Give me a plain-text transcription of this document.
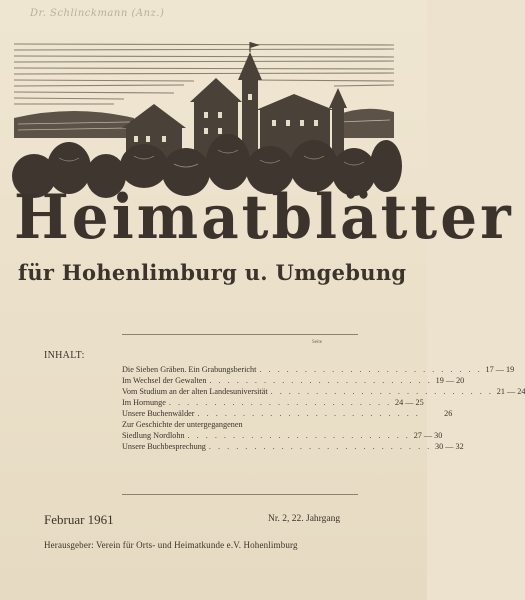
Dr. Schlinckmann (Anz.)
Heimatblätter
für Hohenlimburg u. Umgebung
Seite
INHALT:
Die Sieben Gräben. Ein Grabungsbericht . . . . . . . . . . . . . . . . . . . . . . . . . 17 — 19
Im Wechsel der Gewalten . . . . . . . . . . . . . . . . . . . . . . . . . 19 — 20
Vom Studium an der alten Landesuniversität . . . . . . . . . . . . . . . . . . . . . . . . . 21 — 24
Im Hornunge . . . . . . . . . . . . . . . . . . . . . . . . . 24 — 25
Unsere Buchenwälder . . . . . . . . . . . . . . . . . . . . . . . . .	26
Zur Geschichte der untergegangenen
Siedlung Nordlohn . . . . . . . . . . . . . . . . . . . . . . . . . 27 — 30
Unsere Buchbesprechung . . . . . . . . . . . . . . . . . . . . . . . . . 30 — 32
Februar 1961	Nr. 2, 22. Jahrgang
Herausgeber: Verein für Orts- und Heimatkunde e.V. Hohenlimburg
